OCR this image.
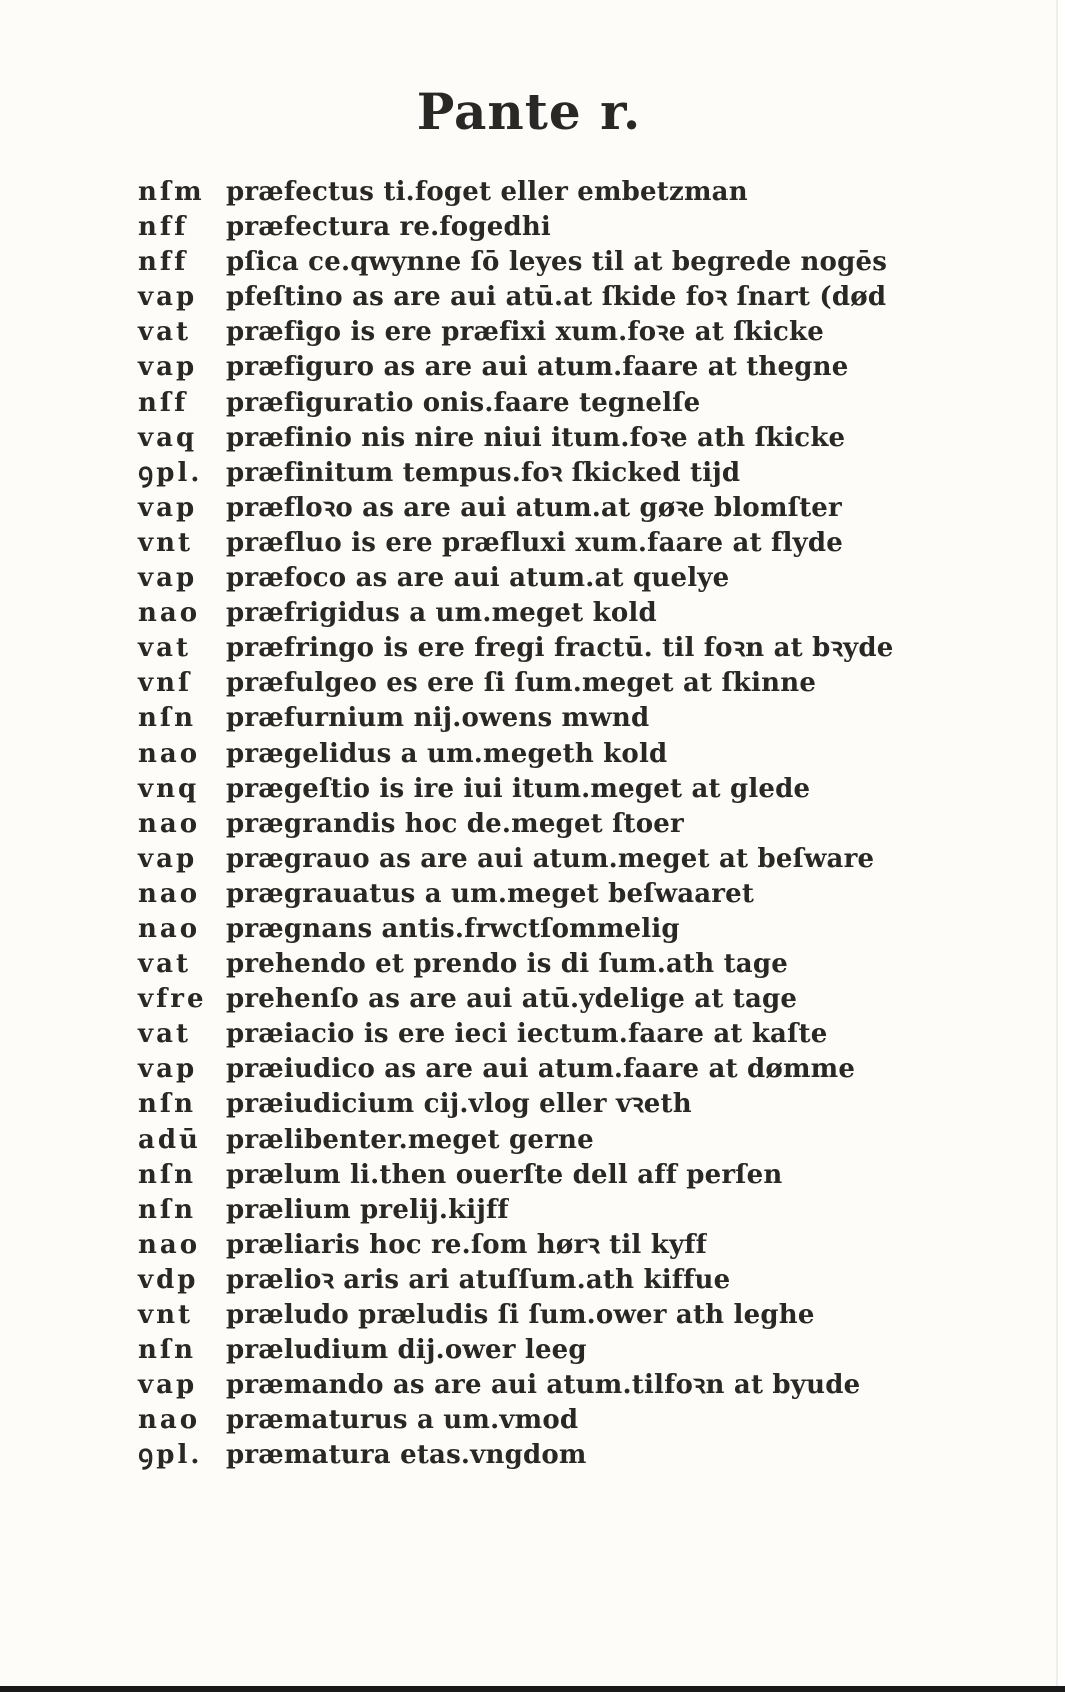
Pante r.
nſm præfectus ti.foget eller embetzman
nff	præfectura re.fogedhi
nff	pſica ce.qwynne ſō leyes til at begrede nogēs
vap	pfeſtino as are aui atū.at ſkide foꝛ ſnart (død
vat	præfigo is ere præfixi xum.foꝛe at ſkicke
vap	præfiguro as are aui atum.faare at thegne
nſf	præfiguratio onis.faare tegnelſe
vaq	præfinio nis nire niui itum.foꝛe ath ſkicke
ꝯpl. præfinitum tempus.foꝛ ſkicked tijd
vap	præfloꝛo as are aui atum.at gøꝛe blomſter
vnt	præfluo is ere præfluxi xum.faare at flyde
vap	præfoco as are aui atum.at quelye
nao præfrigidus a um.meget kold
vat	præfringo is ere fregi fractū. til foꝛn at bꝛyde
vnſ	præfulgeo es ere ſi ſum.meget at ſkinne
nſn	præfurnium nij.owens mwnd
nao prægelidus a um.megeth kold
vnq	prægeſtio is ire iui itum.meget at glede
nao prægrandis hoc de.meget ſtoer
vap	prægrauo as are aui atum.meget at beſware
nao prægrauatus a um.meget beſwaaret
nao prægnans antis.frwctſommelig
vat	prehendo et prendo is di ſum.ath tage
vfre prehenſo as are aui atū.ydelige at tage
vat	præiacio is ere ieci iectum.faare at kaſte
vap	præiudico as are aui atum.faare at dømme
nſn	præiudicium cij.vlog eller vꝛeth
adū prælibenter.meget gerne
nſn	prælum li.then ouerſte dell aff perſen
nſn	prælium prelij.kijff
nao præliaris hoc re.ſom hørꝛ til kyff
vdp	prælioꝛ aris ari atuſſum.ath kiffue
vnt	præludo præludis ſi ſum.ower ath leghe
nſn	præludium dij.ower leeg
vap	præmando as are aui atum.tilfoꝛn at byude
nao præmaturus a um.vmod
ꝯpl. præmatura etas.vngdom
